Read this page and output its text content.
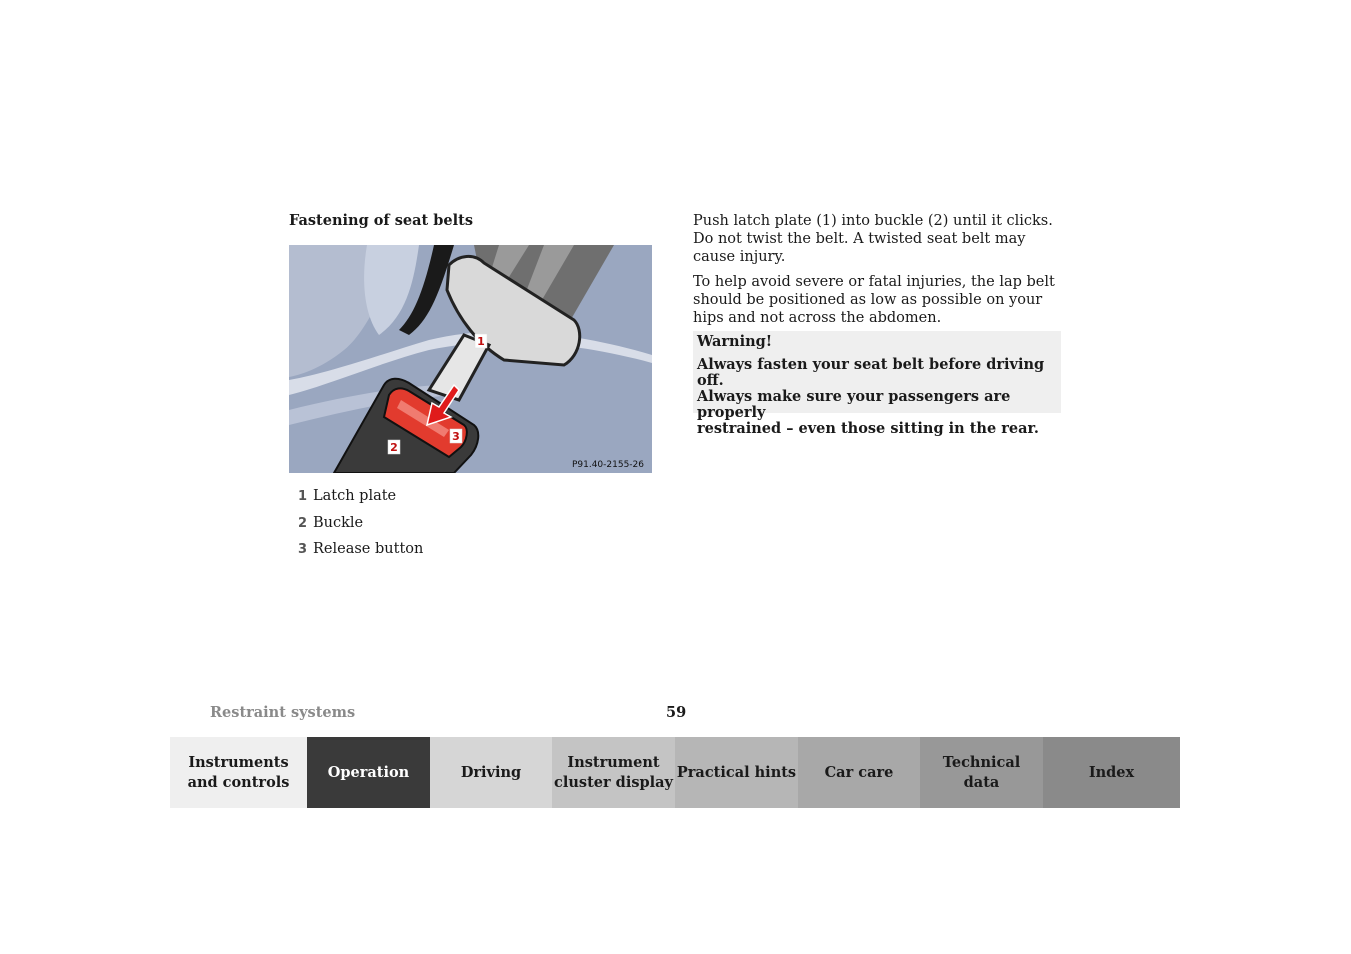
Fastening of seat belts
1
2
3
P91.40-2155-26
1 Latch plate
2 Buckle
3 Release button

Push latch plate (1) into buckle (2) until it clicks. Do not twist the belt. A twisted seat belt may cause injury.

To help avoid severe or fatal injuries, the lap belt should be positioned as low as possible on your hips and not across the abdomen.

Warning!
Always fasten your seat belt before driving off.
Always make sure your passengers are properly
restrained – even those sitting in the rear.
Restraint systems	59
Instruments
and controls
Operation	Driving
Instrument
cluster display
Practical hints Car care
Technical
data
Index
